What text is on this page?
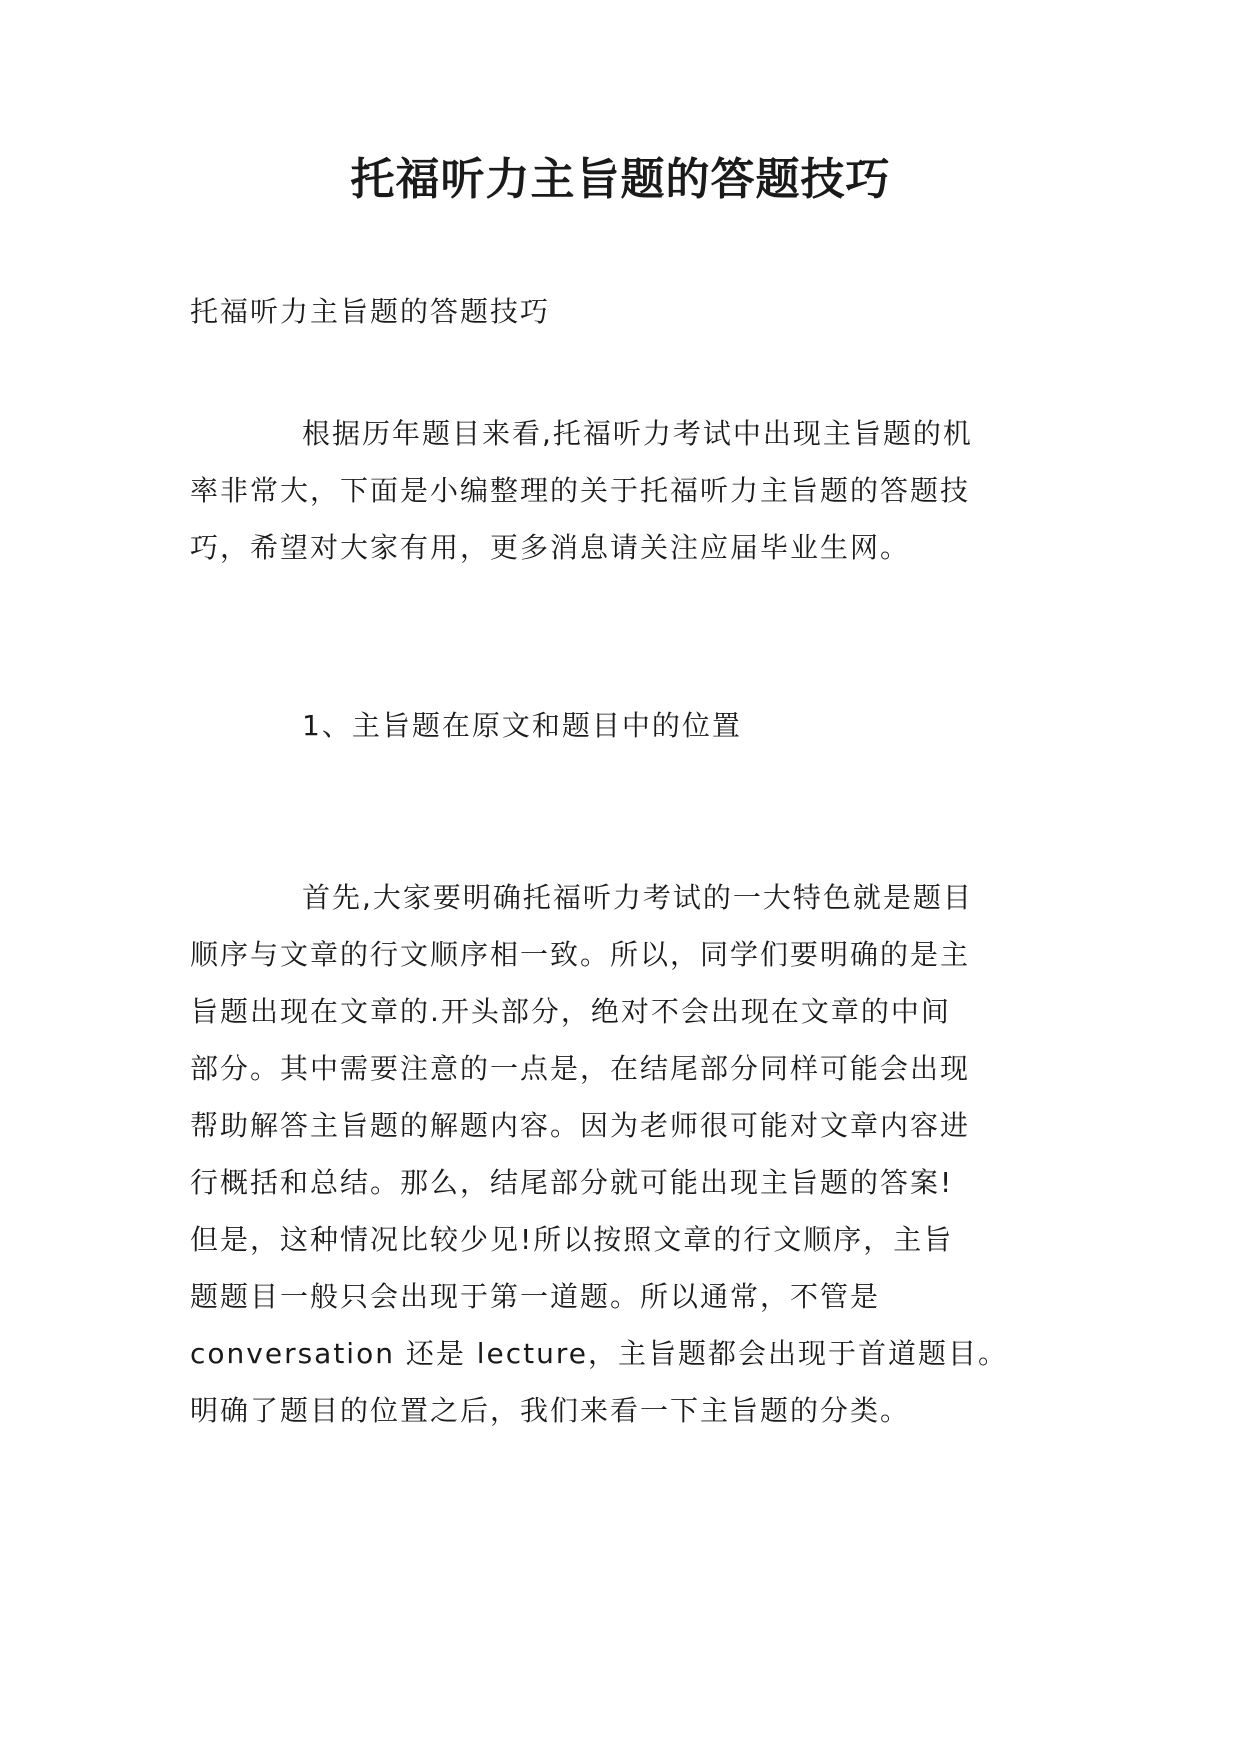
托福听力主旨题的答题技巧
托福听力主旨题的答题技巧
根据历年题目来看,托福听力考试中出现主旨题的机
率非常大，下面是小编整理的关于托福听力主旨题的答题技
巧，希望对大家有用，更多消息请关注应届毕业生网。
1、主旨题在原文和题目中的位置
首先,大家要明确托福听力考试的一大特色就是题目
顺序与文章的行文顺序相一致。所以，同学们要明确的是主
旨题出现在文章的.开头部分，绝对不会出现在文章的中间
部分。其中需要注意的一点是，在结尾部分同样可能会出现
帮助解答主旨题的解题内容。因为老师很可能对文章内容进
行概括和总结。那么，结尾部分就可能出现主旨题的答案!
但是，这种情况比较少见!所以按照文章的行文顺序，主旨
题题目一般只会出现于第一道题。所以通常，不管是
conversation 还是 lecture，主旨题都会出现于首道题目。
明确了题目的位置之后，我们来看一下主旨题的分类。
